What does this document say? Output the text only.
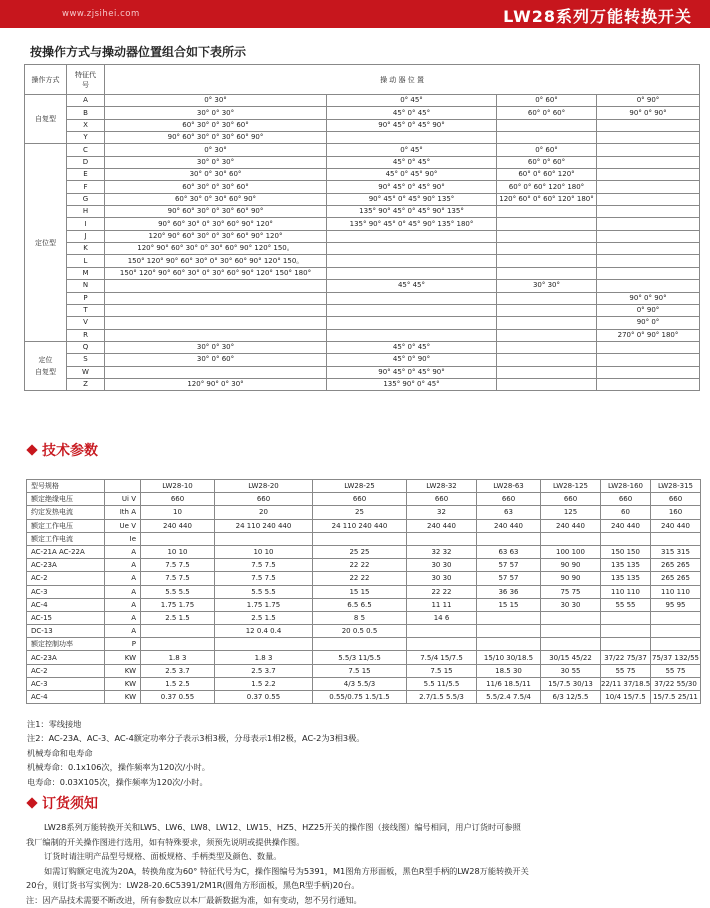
www.zjsihei.com	LW28系列万能转换开关
按操作方式与操动器位置组合如下表所示
操作方式	特征代号	操 动 器 位 置			
自复型	A	0° 30°	0° 45°	0° 60°	0° 90°
	B	30° 0° 30°	45° 0° 45°	60° 0° 60°	90° 0° 90°
	X	60° 30° 0° 30° 60°	90° 45° 0° 45° 90°		
	Y	90° 60° 30° 0° 30° 60° 90°			
定位型	C	0° 30°	0° 45°	0° 60°	
	D	30° 0° 30°	45° 0° 45°	60° 0° 60°	
	E	30° 0° 30° 60°	45° 0° 45° 90°	60° 0° 60° 120°	
	F	60° 30° 0° 30° 60°	90° 45° 0° 45° 90°	60° 0° 60° 120° 180°	
	G	60° 30° 0° 30° 60° 90°	90° 45° 0° 45° 90° 135°	120° 60° 0° 60° 120° 180°	
	H	90° 60° 30° 0° 30° 60° 90°	135° 90° 45° 0° 45° 90° 135°		
	I	90° 60° 30° 0° 30° 60° 90° 120°	135° 90° 45° 0° 45° 90° 135° 180°		
	J	120° 90° 60° 30° 0° 30° 60° 90° 120°			
	K	120° 90° 60° 30° 0° 30° 60° 90° 120° 150。			
	L	150° 120° 90° 60° 30° 0° 30° 60° 90° 120° 150。			
	M	150° 120° 90° 60° 30° 0° 30° 60° 90° 120° 150° 180°			
	N		45° 45°	30° 30°	
	P				90° 0° 90°
	T				0° 90°
	V				90° 0°
	R				270° 0° 90° 180°
定位 自复型	Q	30° 0° 30°	45° 0° 45°		
	S	30° 0° 60°	45° 0° 90°		
	W		90° 45° 0° 45° 90°		
	Z	120° 90° 0° 30°	135° 90° 0° 45°		
技术参数
型号规格		LW28-10	LW28-20	LW28-25	LW28-32	LW28-63	LW28-125	LW28-160	LW28-315
额定绝缘电压	Ui V	660	660	660	660	660	660	660	660
约定发热电流	Ith A	10	20	25	32	63	125	60	160
额定工作电压	Ue V	240 440	24 110 240 440	24 110 240 440	240 440	240 440	240 440	240 440	240 440
额定工作电流	Ie								
AC-21A AC-22A	A	10 10	10 10	25 25	32 32	63 63	100 100	150 150	315 315
AC-23A	A	7.5 7.5	7.5 7.5	22 22	30 30	57 57	90 90	135 135	265 265
AC-2	A	7.5 7.5	7.5 7.5	22 22	30 30	57 57	90 90	135 135	265 265
AC-3	A	5.5 5.5	5.5 5.5	15 15	22 22	36 36	75 75	110 110	110 110
AC-4	A	1.75 1.75	1.75 1.75	6.5 6.5	11 11	15 15	30 30	55 55	95 95
AC-15	A	2.5 1.5	2.5 1.5	8 5	14 6				
DC-13	A		12 0.4 0.4	20 0.5 0.5					
额定控制功率	P								
AC-23A	KW	1.8 3	1.8 3	5.5/3 11/5.5	7.5/4 15/7.5	15/10 30/18.5	30/15 45/22	37/22 75/37	75/37 132/55
AC-2	KW	2.5 3.7	2.5 3.7	7.5 15	7.5 15	18.5 30	30 55	55 75	55 75
AC-3	KW	1.5 2.5	1.5 2.2	4/3 5.5/3	5.5 11/5.5	11/6 18.5/11	15/7.5 30/13	22/11 37/18.5	37/22 55/30
AC-4	KW	0.37 0.55	0.37 0.55	0.55/0.75 1.5/1.5	2.7/1.5 5.5/3	5.5/2.4 7.5/4	6/3 12/5.5	10/4 15/7.5	15/7.5 25/11
注1：零线接地
注2：AC-23A、AC-3、AC-4额定功率分子表示3相3极，分母表示1相2极，AC-2为3相3极。
机械寿命和电寿命
机械寿命：0.1x106次，操作频率为120次/小时。
电寿命：0.03X105次，操作频率为120次/小时。
订货须知
LW28系列万能转换开关和LW5、LW6、LW8、LW12、LW15、HZ5、HZ25开关的操作图（接线图）编号相同，用户订货时可参照
我厂编制的开关操作图进行选用，如有特殊要求，须预先说明或提供操作图。
订货时请注明产品型号规格、面板规格、手柄类型及颜色、数量。
如需订购额定电流为20A，转换角度为60° 特征代号为C，操作图编号为5391，M1图角方形面板，黑色R型手柄的LW28万能转换开关
20台，则订货书写实例为：LW28-20.6C5391/2M1R(圆角方形面板，黑色R型手柄)20台。
注：因产品技术需要不断改进，所有参数应以本厂最新数据为准，如有变动，恕不另行通知。
